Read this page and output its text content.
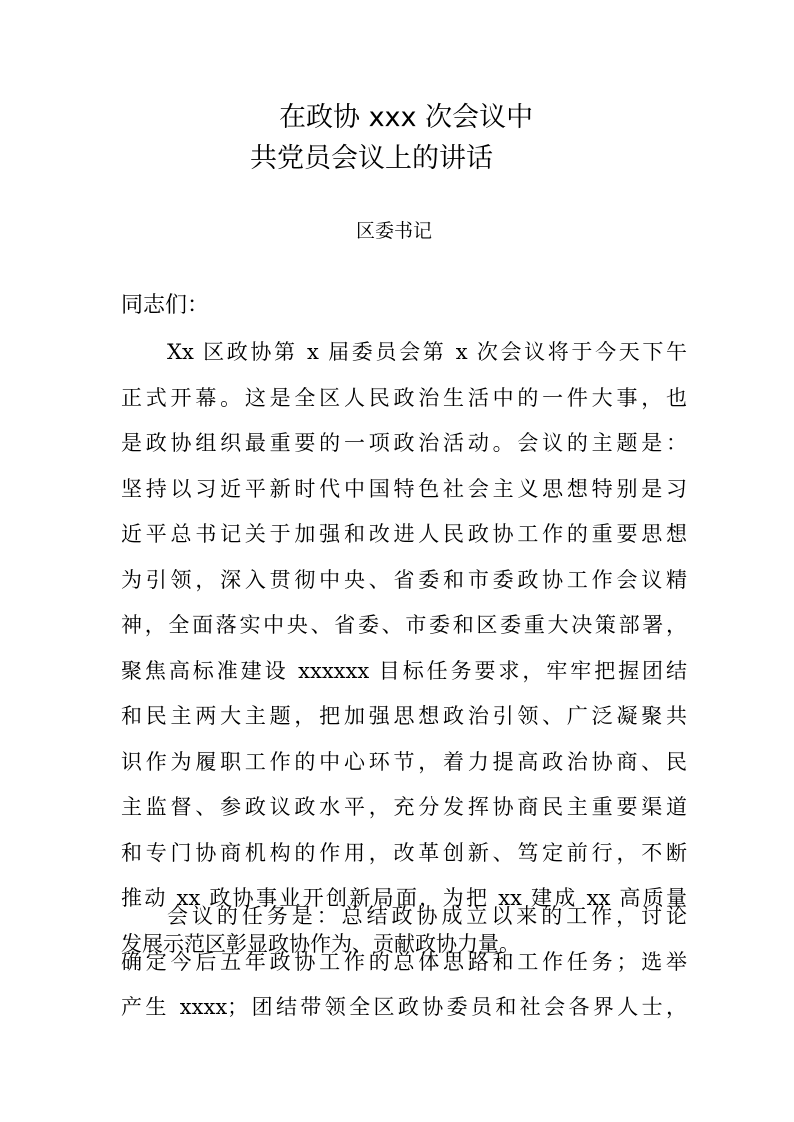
在政协 xxx 次会议中
共党员会议上的讲话
区委书记
同志们：
Xx 区政协第 x 届委员会第 x 次会议将于今天下午
正式开幕。这是全区人民政治生活中的一件大事，也
是政协组织最重要的一项政治活动。会议的主题是：
坚持以习近平新时代中国特色社会主义思想特别是习
近平总书记关于加强和改进人民政协工作的重要思想
为引领，深入贯彻中央、省委和市委政协工作会议精
神，全面落实中央、省委、市委和区委重大决策部署，
聚焦高标准建设 xxxxxx 目标任务要求，牢牢把握团结
和民主两大主题，把加强思想政治引领、广泛凝聚共
识作为履职工作的中心环节，着力提高政治协商、民
主监督、参政议政水平，充分发挥协商民主重要渠道
和专门协商机构的作用，改革创新、笃定前行，不断
推动 xx 政协事业开创新局面，为把 xx 建成 xx 高质量
发展示范区彰显政协作为、贡献政协力量。
会议的任务是：总结政协成立以来的工作，讨论
确定今后五年政协工作的总体思路和工作任务；选举
产生 xxxx；团结带领全区政协委员和社会各界人士，
